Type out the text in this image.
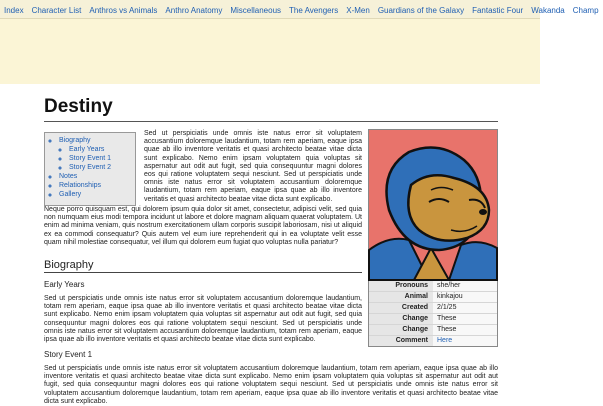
Index Character List Anthros vs Animals Anthro Anatomy Miscellaneous The Avengers X-Men Guardians of the Galaxy Fantastic Four Wakanda Champ
Destiny
◦ Biography
◦ Early Years
◦ Story Event 1
◦ Story Event 2
◦ Notes
◦ Relationships
◦ Gallery
Sed ut perspiciatis unde omnis iste natus error sit voluptatem accusantium doloremque laudantium, totam rem aperiam, eaque ipsa quae ab illo inventore veritatis et quasi architecto beatae vitae dicta sunt explicabo. Nemo enim ipsam voluptatem quia voluptas sit aspernatur aut odit aut fugit, sed quia consequuntur magni dolores eos qui ratione voluptatem sequi nesciunt. Sed ut perspiciatis unde omnis iste natus error sit voluptatem accusantium doloremque laudantium, totam rem aperiam, eaque ipsa quae ab illo inventore veritatis et quasi architecto beatae vitae dicta sunt explicabo.
Neque porro quisquam est, qui dolorem ipsum quia dolor sit amet, consectetur, adipisci velit, sed quia non numquam eius modi tempora incidunt ut labore et dolore magnam aliquam quaerat voluptatem. Ut enim ad minima veniam, quis nostrum exercitationem ullam corporis suscipit laboriosam, nisi ut aliquid ex ea commodi consequatur? Quis autem vel eum iure reprehenderit qui in ea voluptate velit esse quam nihil molestiae consequatur, vel illum qui dolorem eum fugiat quo voluptas nulla pariatur?
Biography
Early Years
Sed ut perspiciatis unde omnis iste natus error sit voluptatem accusantium doloremque laudantium, totam rem aperiam, eaque ipsa quae ab illo inventore veritatis et quasi architecto beatae vitae dicta sunt explicabo. Nemo enim ipsam voluptatem quia voluptas sit aspernatur aut odit aut fugit, sed quia consequuntur magni dolores eos qui ratione voluptatem sequi nesciunt. Sed ut perspiciatis unde omnis iste natus error sit voluptatem accusantium doloremque laudantium, totam rem aperiam, eaque ipsa quae ab illo inventore veritatis et quasi architecto beatae vitae dicta sunt explicabo.
Story Event 1
Sed ut perspiciatis unde omnis iste natus error sit voluptatem accusantium doloremque laudantium, totam rem aperiam, eaque ipsa quae ab illo inventore veritatis et quasi architecto beatae vitae dicta sunt explicabo. Nemo enim ipsam voluptatem quia voluptas sit aspernatur aut odit aut fugit, sed quia consequuntur magni dolores eos qui ratione voluptatem sequi nesciunt. Sed ut perspiciatis unde omnis iste natus error sit voluptatem accusantium doloremque laudantium, totam rem aperiam, eaque ipsa quae ab illo inventore veritatis et quasi architecto beatae vitae dicta sunt explicabo.
Pronouns	she/her
Animal	kinkajou
Created	2/1/25
Change	These
Change	These
Comment	Here
